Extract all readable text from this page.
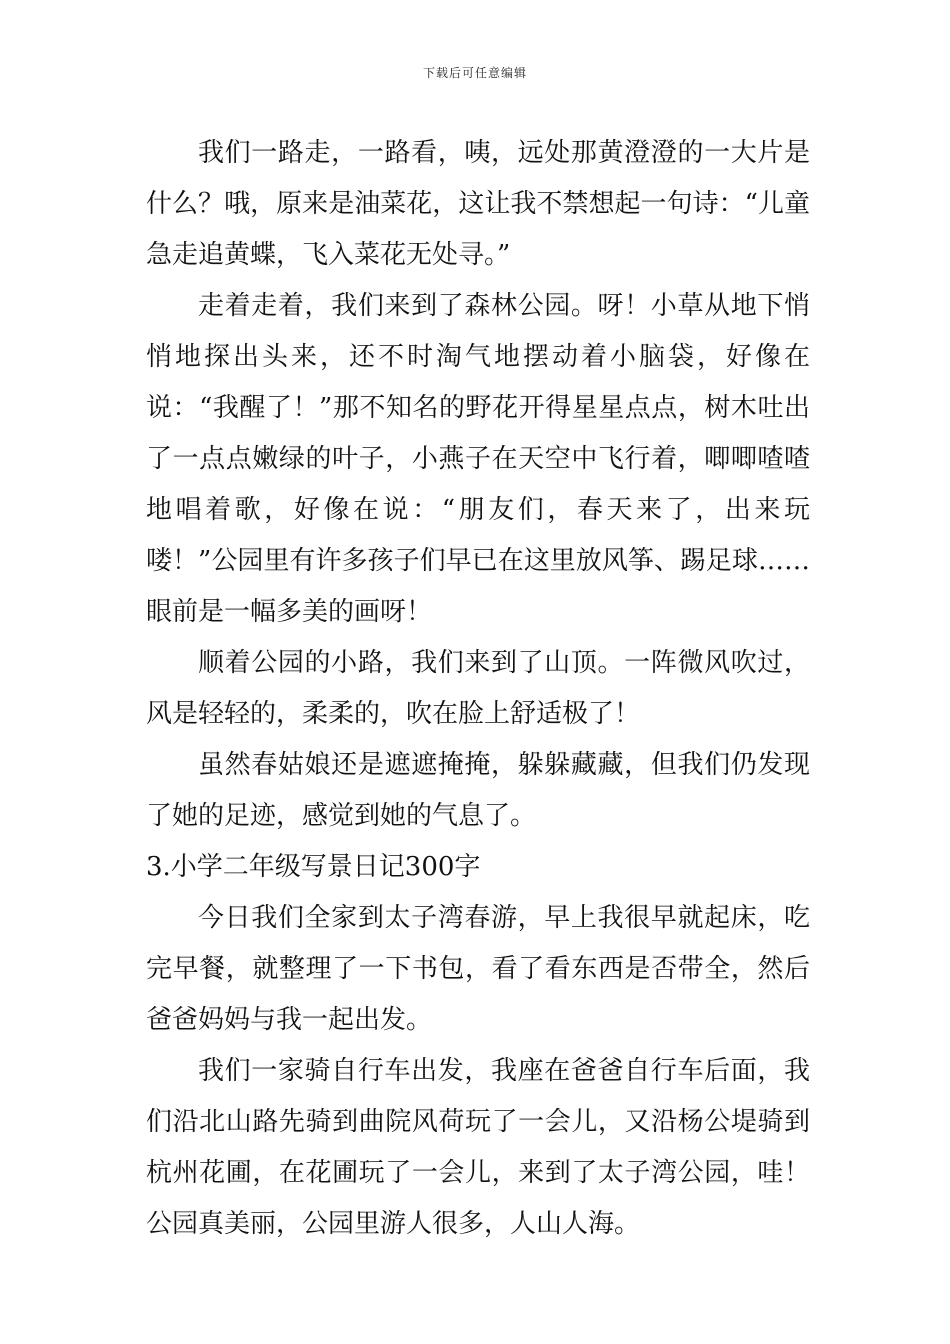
下载后可任意编辑

我们一路走，一路看，咦，远处那黄澄澄的一大片是什么？哦，原来是油菜花，这让我不禁想起一句诗：“儿童急走追黄蝶，飞入菜花无处寻。”

走着走着，我们来到了森林公园。呀！小草从地下悄悄地探出头来，还不时淘气地摆动着小脑袋，好像在说：“我醒了！”那不知名的野花开得星星点点，树木吐出了一点点嫩绿的叶子，小燕子在天空中飞行着，唧唧喳喳地唱着歌，好像在说：“朋友们，春天来了，出来玩喽！”公园里有许多孩子们早已在这里放风筝、踢足球……眼前是一幅多美的画呀！

顺着公园的小路，我们来到了山顶。一阵微风吹过，风是轻轻的，柔柔的，吹在脸上舒适极了！

虽然春姑娘还是遮遮掩掩，躲躲藏藏，但我们仍发现了她的足迹，感觉到她的气息了。

3.小学二年级写景日记300字

今日我们全家到太子湾春游，早上我很早就起床，吃完早餐，就整理了一下书包，看了看东西是否带全，然后爸爸妈妈与我一起出发。

我们一家骑自行车出发，我座在爸爸自行车后面，我们沿北山路先骑到曲院风荷玩了一会儿，又沿杨公堤骑到杭州花圃，在花圃玩了一会儿，来到了太子湾公园，哇！公园真美丽，公园里游人很多，人山人海。
